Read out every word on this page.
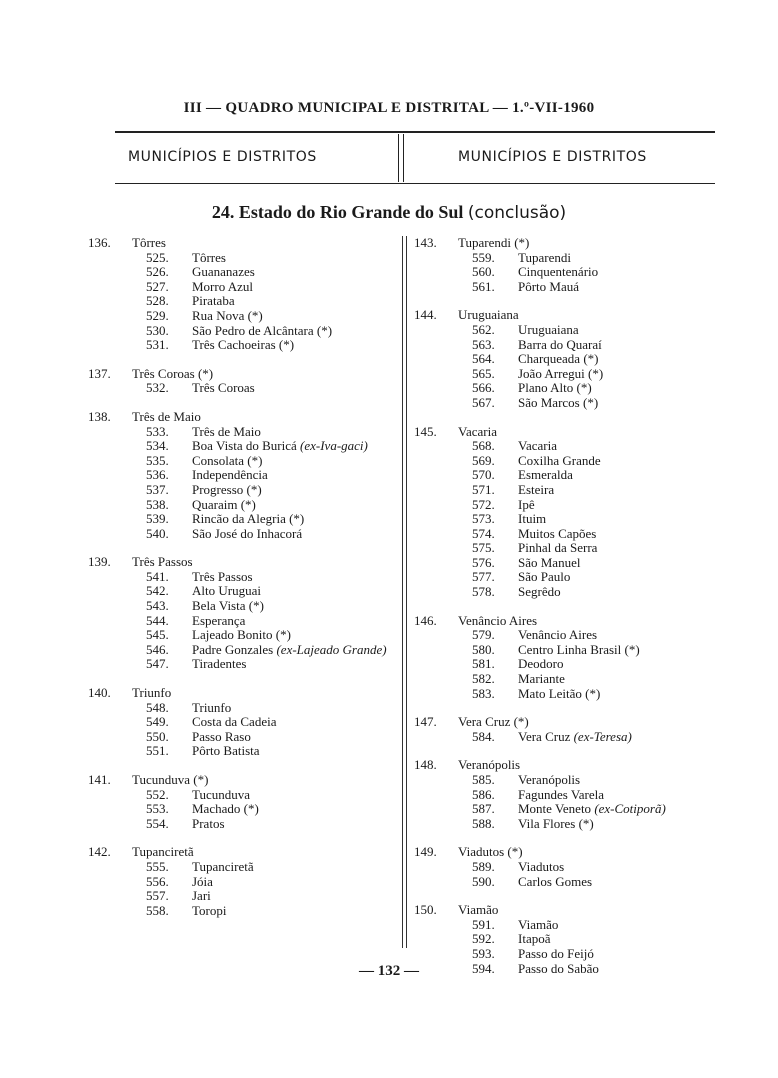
III — QUADRO MUNICIPAL E DISTRITAL — 1.º-VII-1960
MUNICÍPIOS E DISTRITOS	MUNICÍPIOS E DISTRITOS
24. Estado do Rio Grande do Sul (conclusão)
136.	Tôrres
525.	Tôrres
526.	Guananazes
527.	Morro Azul
528.	Pirataba
529.	Rua Nova (*)
530.	São Pedro de Alcântara (*)
531.	Três Cachoeiras (*)
137.	Três Coroas (*)
532.	Três Coroas
138.	Três de Maio
533.	Três de Maio
534.	Boa Vista do Buricá (ex-Iva-gaci)
535.	Consolata (*)
536.	Independência
537.	Progresso (*)
538.	Quaraim (*)
539.	Rincão da Alegria (*)
540.	São José do Inhacorá
139.	Três Passos
541.	Três Passos
542.	Alto Uruguai
543.	Bela Vista (*)
544.	Esperança
545.	Lajeado Bonito (*)
546.	Padre Gonzales (ex-Lajeado Grande)
547.	Tiradentes
140.	Triunfo
548.	Triunfo
549.	Costa da Cadeia
550.	Passo Raso
551.	Pôrto Batista
141.	Tucunduva (*)
552.	Tucunduva
553.	Machado (*)
554.	Pratos
142.	Tupanciretã
555.	Tupanciretã
556.	Jóia
557.	Jari
558.	Toropi
143.	Tuparendi (*)
559.	Tuparendi
560.	Cinquentenário
561.	Pôrto Mauá
144.	Uruguaiana
562.	Uruguaiana
563.	Barra do Quaraí
564.	Charqueada (*)
565.	João Arregui (*)
566.	Plano Alto (*)
567.	São Marcos (*)
145.	Vacaria
568.	Vacaria
569.	Coxilha Grande
570.	Esmeralda
571.	Esteira
572.	Ipê
573.	Ituim
574.	Muitos Capões
575.	Pinhal da Serra
576.	São Manuel
577.	São Paulo
578.	Segrêdo
146.	Venâncio Aires
579.	Venâncio Aires
580.	Centro Linha Brasil (*)
581.	Deodoro
582.	Mariante
583.	Mato Leitão (*)
147.	Vera Cruz (*)
584.	Vera Cruz (ex-Teresa)
148.	Veranópolis
585.	Veranópolis
586.	Fagundes Varela
587.	Monte Veneto (ex-Cotiporã)
588.	Vila Flores (*)
149.	Viadutos (*)
589.	Viadutos
590.	Carlos Gomes
150.	Viamão
591.	Viamão
592.	Itapoã
593.	Passo do Feijó
594.	Passo do Sabão
— 132 —
